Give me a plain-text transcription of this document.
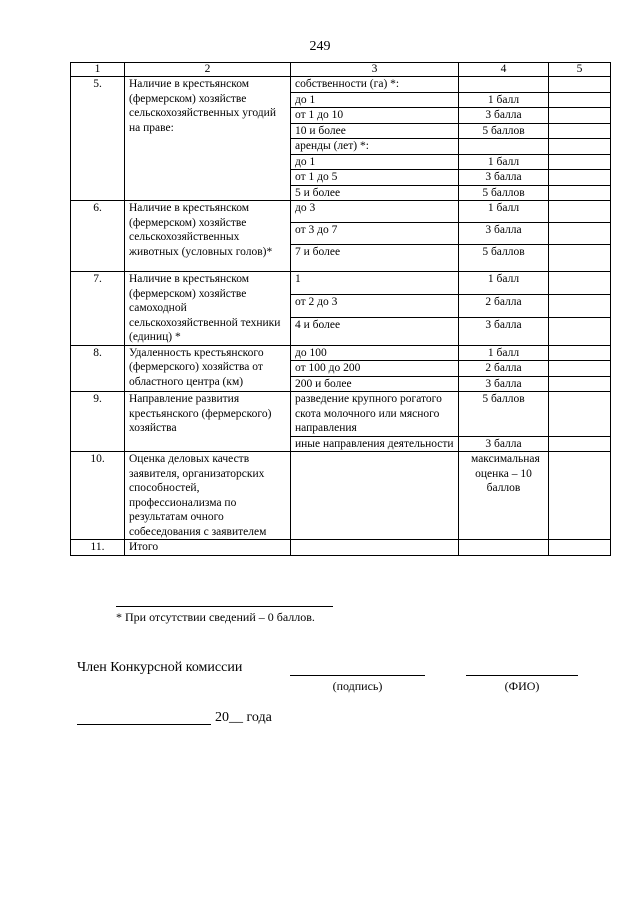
249
1	2	3	4	5
5.	Наличие в крестьянском (фермерском) хозяйстве сельскохозяйственных угодий на праве:	собственности (га) *:		
		до 1	1 балл	
		от 1 до 10	3 балла	
		10 и более	5 баллов	
		аренды (лет) *:		
		до 1	1 балл	
		от 1 до 5	3 балла	
		5 и более	5 баллов	
6.	Наличие в крестьянском (фермерском) хозяйстве сельскохозяйственных животных (условных голов)*	до 3	1 балл	
		от 3 до 7	3 балла	
		7 и более	5 баллов	
7.	Наличие в крестьянском (фермерском) хозяйстве самоходной сельскохозяйственной техники (единиц) *	1	1 балл	
		от 2 до 3	2 балла	
		4 и более	3 балла	
8.	Удаленность крестьянского (фермерского) хозяйства от областного центра (км)	до 100	1 балл	
		от 100 до 200	2 балла	
		200 и более	3 балла	
9.	Направление развития крестьянского (фермерского) хозяйства	разведение крупного рогатого скота молочного или мясного направления	5 баллов	
		иные направления деятельности	3 балла	
10.	Оценка деловых качеств заявителя, организаторских способностей, профессионализма по результатам очного собеседования с заявителем		максимальная оценка – 10 баллов	
11.	Итого			
* При отсутствии сведений – 0 баллов.
Член Конкурсной комиссии
(подпись)	(ФИО)
20__ года
